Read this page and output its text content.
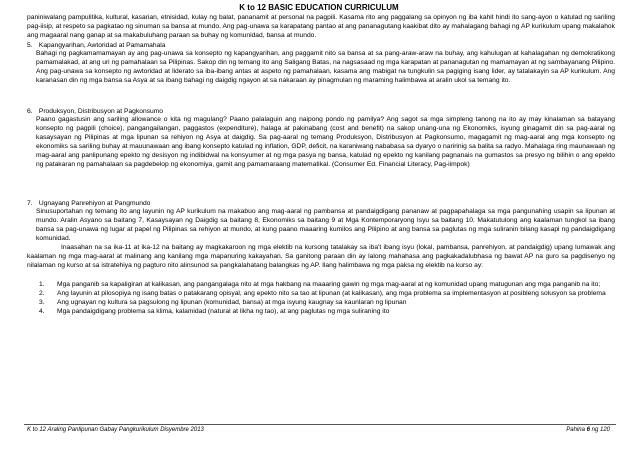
K to 12 BASIC EDUCATION CURRICULUM
paniniwalang pampulitika, kultural, kasarian, etnisidad, kulay ng balat, pananamit at personal na pagpili. Kasama rito ang paggalang sa opinyon ng iba kahit hindi ito sang-ayon o katulad ng sariling pag-iisip, at respeto sa pagkatao ng sinuman sa bansa at mundo. Ang pag-unawa sa karapatang pantao at ang pananagutang kaakibat dito ay mahalagang bahagi ng AP kurikulum upang makalahok ang magaaral nang ganap at sa makabuluhang paraan sa buhay ng komunidad, bansa at mundo.
5. Kapangyarihan, Awtoridad at Pamamahala
Bahagi ng pagkamamamayan ay ang pag-unawa sa konsepto ng kapangyarihan, ang paggamit nito sa bansa at sa pang-araw-araw na buhay, ang kahulugan at kahalagahan ng demokratikong pamamalakad, at ang uri ng pamahalaan sa Pilipinas. Sakop din ng temang ito ang Saligang Batas, na nagsasaad ng mga karapatan at pananagutan ng mamamayan at ng sambayanang Pilipino. Ang pag-unawa sa konsepto ng awtoridad at liderato sa iba-ibang antas at aspeto ng pamahalaan, kasama ang mabigat na tungkulin sa pagiging isang lider, ay tatalakayin sa AP kurikulum. Ang karanasan din ng mga bansa sa Asya at sa ibang bahagi ng daigdig ngayon at sa nakaraan ay pinagmulan ng maraming halimbawa at aralin ukol sa temang ito.
6. Produksyon, Distribusyon at Pagkonsumo
Paano gagastusin ang sariling allowance o kita ng magulang? Paano palalaguin ang naipong pondo ng pamilya? Ang sagot sa mga simpleng tanong na ito ay may kinalaman sa batayang konsepto ng pagpili (choice), pangangailangan, paggastos (expenditure), halaga at pakinabang (cost and benefit) na sakop unang-una ng Ekonomiks, isyung ginagamit din sa pag-aaral ng kasaysayan ng Pilipinas at mga lipunan sa rehiyon ng Asya at daigdig. Sa pag-aaral ng temang Produksyon, Distribusyon at Pagkonsumo, magagamit ng mag-aaral ang mga konsepto ng ekonomiks sa sariling buhay at mauunawaan ang ibang konsepto katulad ng inflation, GDP, deficit, na karaniwang nababasa sa dyaryo o naririnig sa balita sa radyo. Mahalaga ring maunawaan ng mag-aaral ang panlipunang epekto ng desisyon ng indibidwal na konsyumer at ng mga pasya ng bansa, katulad ng epekto ng kanilang pagnanais na gumastos sa presyo ng bilihin o ang epekto ng patakaran ng pamahalaan sa pagdebelop ng ekonomiya, gamit ang pamamaraang matematikal. (Consumer Ed. Financial Literacy, Pag-iimpok)
7. Ugnayang Panrehiyon at Pangmundo
Sinusuportahan ng temang ito ang layunin ng AP kurikulum na makabuo ang mag-aaral ng pambansa at pandaigdigang pananaw at pagpapahalaga sa mga pangunahing usapin sa lipunan at mundo. Aralin Asyano sa baitang 7, Kasaysayan ng Daigdig sa baitang 8, Ekonomiks sa baitang 9 at Mga Kontemporaryong Isyu sa baitang 10. Makatutulong ang kaalaman tungkol sa ibang bansa sa pag-unawa ng lugar at papel ng Pilipinas sa rehiyon at mundo, at kung paano maaaring kumilos ang Pilipino at ang bansa sa paglutas ng mga suliranin bilang kasapi ng pandaigdigang komunidad.
Inaasahan na sa ika-11 at ika-12 na baitang ay magkakaroon ng mga elektib na kursong tatalakay sa iba't ibang isyu (lokal, pambansa, panrehiyon, at pandaigdig) upang lumawak ang kaalaman ng mga mag-aaral at malinang ang kanilang mga mapanuring kakayahan. Sa ganitong paraan din ay lalong mahahasa ang pagkakadalubhasa ng bawat AP na guro sa pagdisenyo ng nilalaman ng kurso at sa istratehiya ng pagturo nito alinsunod sa pangkalahatang balangkas ng AP. Ilang halimbawa ng mga paksa ng elektib na kurso ay:
1. Mga panganib sa kapaligiran at kalikasan, ang pangangalaga nito at mga hakbang na maaaring gawin ng mga mag-aaral at ng komunidad upang matugunan ang mga panganib na ito;
2. Ang layunin at pilosopiya ng isang batas o patakarang opisyal, ang epekto nito sa tao at lipunan (at kalikasan), ang mga problema sa implementasyon at posibleng solusyon sa problema
3. Ang ugnayan ng kultura sa pagsulong ng lipunan (komunidad, bansa) at mga isyung kaugnay sa kaunlaran ng lipunan
4. Mga pandaigdigang problema sa klima, kalamidad (natural at likha ng tao), at ang paglutas ng mga suliraning ito
K to 12 Araling Panlipunan Gabay Pangkurikulum Disyembre 2013	Pahina 6 ng 120
